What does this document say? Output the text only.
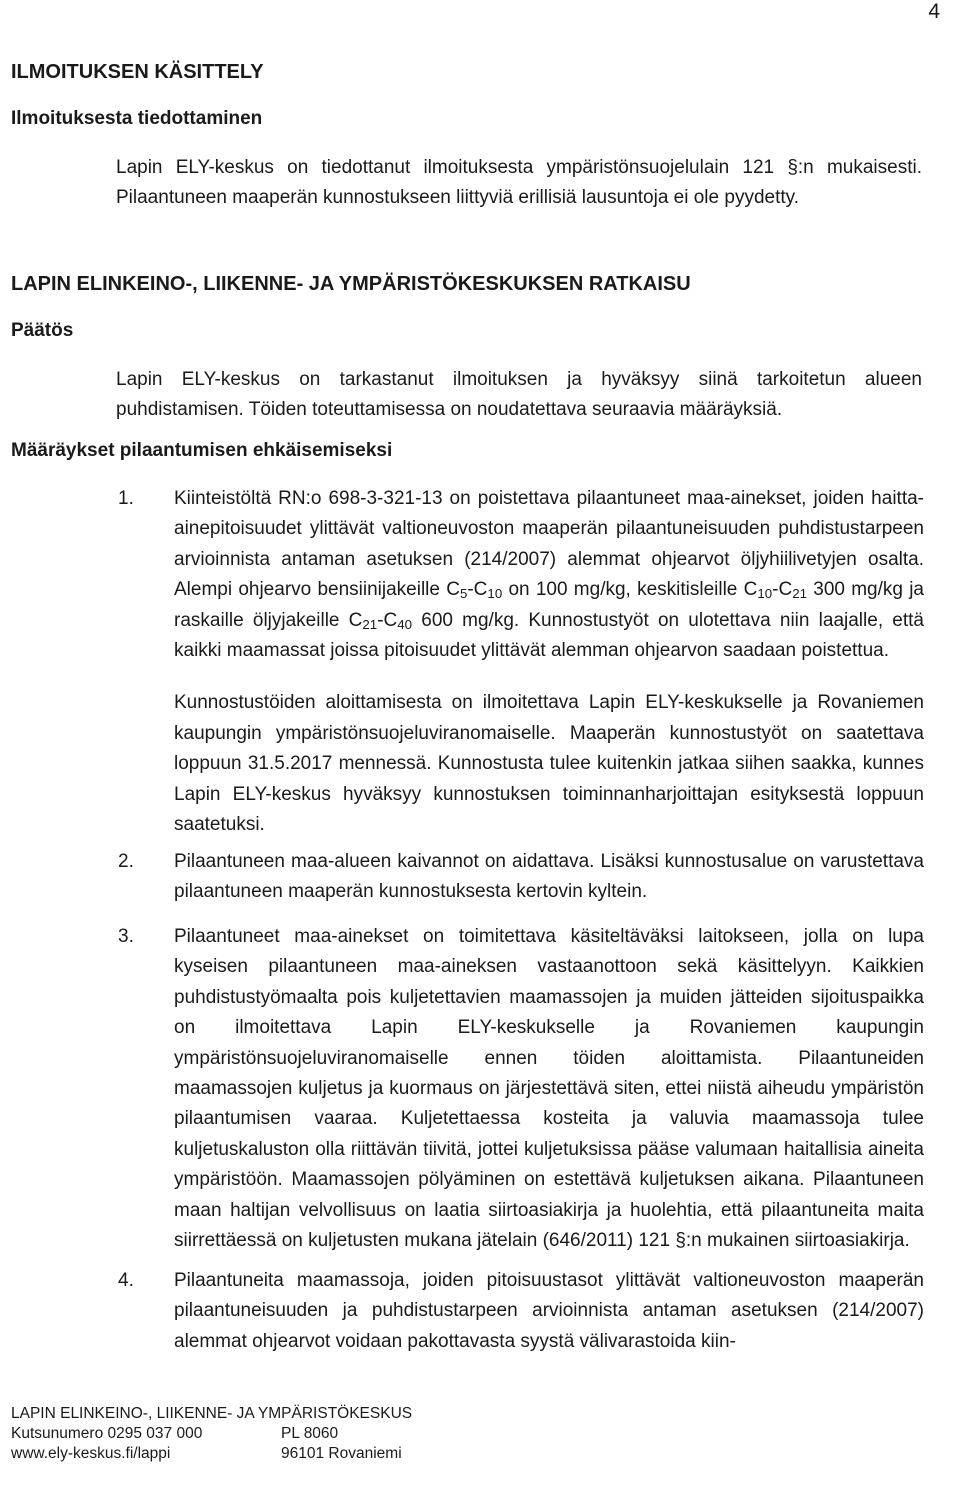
4
ILMOITUKSEN KÄSITTELY
Ilmoituksesta tiedottaminen
Lapin ELY-keskus on tiedottanut ilmoituksesta ympäristönsuojelulain 121 §:n mukaisesti. Pilaantuneen maaperän kunnostukseen liittyviä erillisiä lausuntoja ei ole pyydetty.
LAPIN ELINKEINO-, LIIKENNE- JA YMPÄRISTÖKESKUKSEN RATKAISU
Päätös
Lapin ELY-keskus on tarkastanut ilmoituksen ja hyväksyy siinä tarkoitetun alueen puhdistamisen. Töiden toteuttamisessa on noudatettava seuraavia määräyksiä.
Määräykset pilaantumisen ehkäisemiseksi
1. Kiinteistöltä RN:o 698-3-321-13 on poistettava pilaantuneet maa-ainekset, joiden haitta-ainepitoisuudet ylittävät valtioneuvoston maaperän pilaantuneisuuden puhdistustarpeen arvioinnista antaman asetuksen (214/2007) alemmat ohjearvot öljyhiilivetyjen osalta. Alempi ohjearvo bensiinijakeille $C_5-C_{10}$ on 100 mg/kg, keskitisleille $C_{10}-C_{21}$ 300 mg/kg ja raskaille öljyjakeille $C_{21}-C_{40}$ 600 mg/kg. Kunnostustyöt on ulotettava niin laajalle, että kaikki maamassat joissa pitoisuudet ylittävät alemman ohjearvon saadaan poistettua.
Kunnostustöiden aloittamisesta on ilmoitettava Lapin ELY-keskukselle ja Rovaniemen kaupungin ympäristönsuojeluviranomaiselle. Maaperän kunnostustyöt on saatettava loppuun 31.5.2017 mennessä. Kunnostusta tulee kuitenkin jatkaa siihen saakka, kunnes Lapin ELY-keskus hyväksyy kunnostuksen toiminnanharjoittajan esityksestä loppuun saatetuksi.
2. Pilaantuneen maa-alueen kaivannot on aidattava. Lisäksi kunnostusalue on varustettava pilaantuneen maaperän kunnostuksesta kertovin kyltein.
3. Pilaantuneet maa-ainekset on toimitettava käsiteltäväksi laitokseen, jolla on lupa kyseisen pilaantuneen maa-aineksen vastaanottoon sekä käsittelyyn. Kaikkien puhdistustyömaalta pois kuljetettavien maamassojen ja muiden jätteiden sijoituspaikka on ilmoitettava Lapin ELY-keskukselle ja Rovaniemen kaupungin ympäristönsuojeluviranomaiselle ennen töiden aloittamista. Pilaantuneiden maamassojen kuljetus ja kuormaus on järjestettävä siten, ettei niistä aiheudu ympäristön pilaantumisen vaaraa. Kuljetettaessa kosteita ja valuvia maamassoja tulee kuljetuskaluston olla riittävän tiivitä, jottei kuljetuksissa pääse valumaan haitallisia aineita ympäristöön. Maamassojen pölyäminen on estettävä kuljetuksen aikana. Pilaantuneen maan haltijan velvollisuus on laatia siirtoasiakirja ja huolehtia, että pilaantuneita maita siirrettäessä on kuljetusten mukana jätelain (646/2011) 121 §:n mukainen siirtoasiakirja.
4. Pilaantuneita maamassoja, joiden pitoisuustasot ylittävät valtioneuvoston maaperän pilaantuneisuuden ja puhdistustarpeen arvioinnista antaman asetuksen (214/2007) alemmat ohjearvot voidaan pakottavasta syystä välivarastoida kiin-
LAPIN ELINKEINO-, LIIKENNE- JA YMPÄRISTÖKESKUS
Kutsunumero 0295 037 000	PL 8060
www.ely-keskus.fi/lappi	96101 Rovaniemi
